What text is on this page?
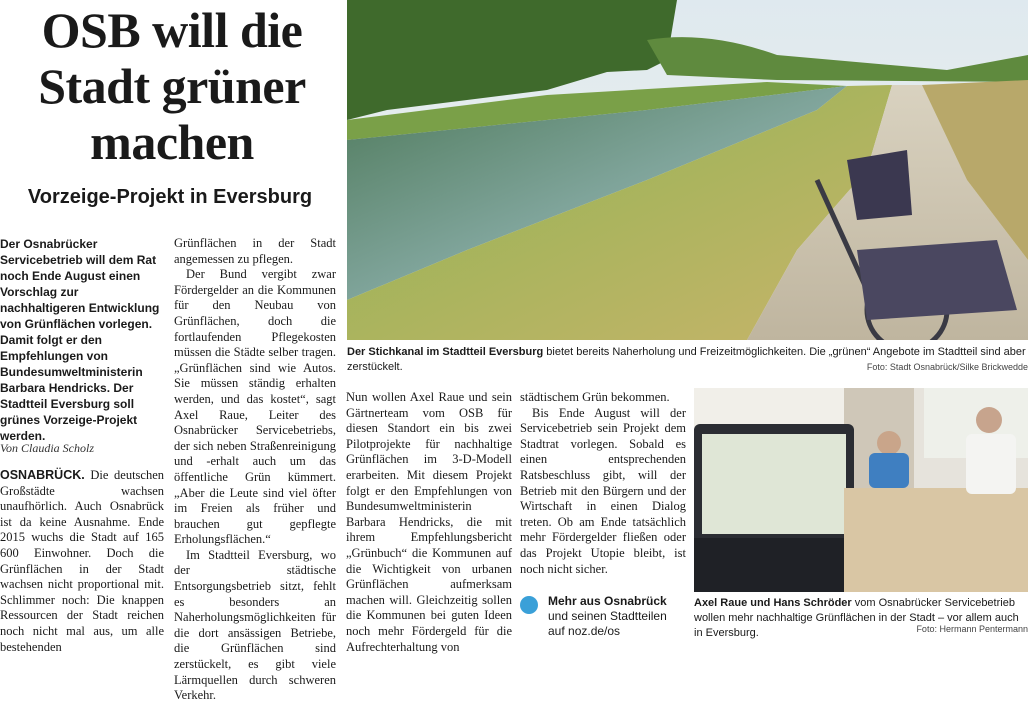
OSB will die
Stadt grüner
machen
Vorzeige-Projekt in Eversburg
Der Osnabrücker Servicebetrieb will dem Rat noch Ende August einen Vorschlag zur nachhaltigeren Entwicklung von Grünflächen vorlegen. Damit folgt er den Empfehlungen von Bundesumweltministerin Barbara Hendricks. Der Stadtteil Eversburg soll grünes Vorzeige-Projekt werden.
Von Claudia Scholz

OSNABRÜCK. Die deutschen Großstädte wachsen unaufhörlich. Auch Osnabrück ist da keine Ausnahme. Ende 2015 wuchs die Stadt auf 165 600 Einwohner. Doch die Grünflächen in der Stadt wachsen nicht proportional mit. Schlimmer noch: Die knappen Ressourcen der Stadt reichen noch nicht mal aus, um alle bestehenden

Grünflächen in der Stadt angemessen zu pflegen.

Der Bund vergibt zwar Fördergelder an die Kommunen für den Neubau von Grünflächen, doch die fortlaufenden Pflegekosten müssen die Städte selber tragen. „Grünflächen sind wie Autos. Sie müssen ständig erhalten werden, und das kostet“, sagt Axel Raue, Leiter des Osnabrücker Servicebetriebs, der sich neben Straßenreinigung und -erhalt auch um das öffentliche Grün kümmert. „Aber die Leute sind viel öfter im Freien als früher und brauchen gut gepflegte Erholungsflächen.“

Im Stadtteil Eversburg, wo der städtische Entsorgungsbetrieb sitzt, fehlt es besonders an Naherholungsmöglichkeiten für die dort ansässigen Betriebe, die Grünflächen sind zerstückelt, es gibt viele Lärmquellen durch schweren Verkehr.

Der Stichkanal im Stadtteil Eversburg bietet bereits Naherholung und Freizeitmöglichkeiten. Die „grünen“ Angebote im Stadtteil sind aber zerstückelt.	Foto: Stadt Osnabrück/Silke Brickwedde

Nun wollen Axel Raue und sein Gärtnerteam vom OSB für diesen Standort ein bis zwei Pilotprojekte für nachhaltige Grünflächen im 3-D-Modell erarbeiten. Mit diesem Projekt folgt er den Empfehlungen von Bundesumweltministerin Barbara Hendricks, die mit ihrem Empfehlungsbericht „Grünbuch“ die Kommunen auf die Wichtigkeit von urbanen Grünflächen aufmerksam machen will. Gleichzeitig sollen die Kommunen bei guten Ideen noch mehr Fördergeld für die Aufrechterhaltung von

städtischem Grün bekommen.

Bis Ende August will der Servicebetrieb sein Projekt dem Stadtrat vorlegen. Sobald es einen entsprechenden Ratsbeschluss gibt, will der Betrieb mit den Bürgern und der Wirtschaft in einen Dialog treten. Ob am Ende tatsächlich mehr Fördergelder fließen oder das Projekt Utopie bleibt, ist noch nicht sicher.

Mehr aus Osnabrück
und seinen Stadtteilen
auf noz.de/os
Axel Raue und Hans Schröder vom Osnabrücker Servicebetrieb wollen mehr nachhaltige Grünflächen in der Stadt – vor allem auch in Eversburg.	Foto: Hermann Pentermann
